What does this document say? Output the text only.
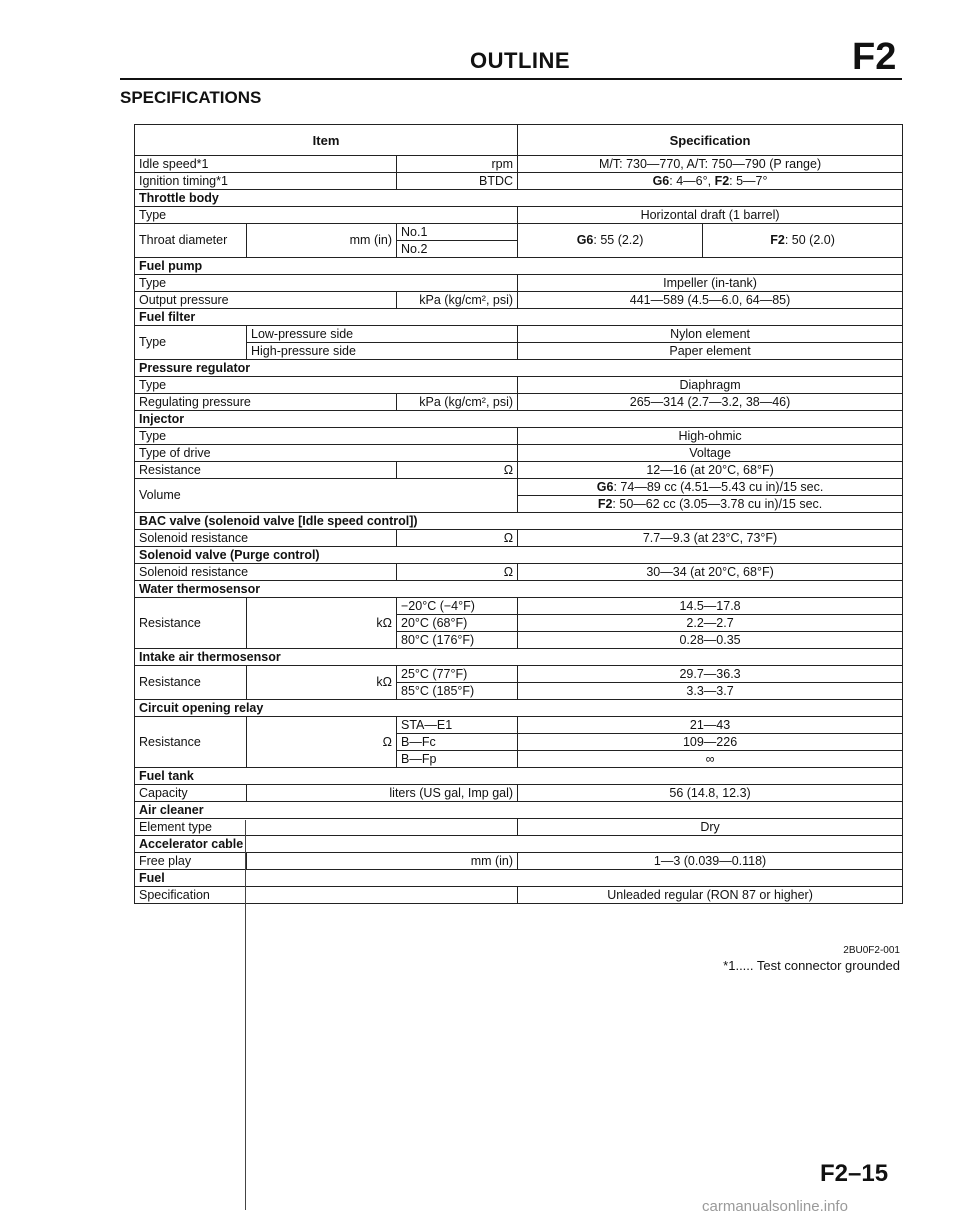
OUTLINE	F2
SPECIFICATIONS
Item			Specification	
Idle speed*1		rpm	M/T: 730—770, A/T: 750—790 (P range)	
Ignition timing*1		BTDC	G6: 4—6°, F2: 5—7°	
Throttle body				
Type			Horizontal draft (1 barrel)	
Throat diameter	mm (in)	No.1	G6: 55 (2.2)	F2: 50 (2.0)
		No.2		
Fuel pump				
Type			Impeller (in-tank)	
Output pressure		kPa (kg/cm², psi)	441—589 (4.5—6.0, 64—85)	
Fuel filter				
Type	Low-pressure side		Nylon element	
	High-pressure side		Paper element	
Pressure regulator				
Type			Diaphragm	
Regulating pressure		kPa (kg/cm², psi)	265—314 (2.7—3.2, 38—46)	
Injector				
Type			High-ohmic	
Type of drive			Voltage	
Resistance		Ω	12—16 (at 20°C, 68°F)	
Volume			G6: 74—89 cc (4.51—5.43 cu in)/15 sec.	
			F2: 50—62 cc (3.05—3.78 cu in)/15 sec.	
BAC valve (solenoid valve [Idle speed control])				
Solenoid resistance		Ω	7.7—9.3 (at 23°C, 73°F)	
Solenoid valve (Purge control)				
Solenoid resistance		Ω	30—34 (at 20°C, 68°F)	
Water thermosensor				
Resistance	kΩ	−20°C (−4°F)	14.5—17.8	
		20°C (68°F)	2.2—2.7	
		80°C (176°F)	0.28—0.35	
Intake air thermosensor				
Resistance	kΩ	25°C (77°F)	29.7—36.3	
		85°C (185°F)	3.3—3.7	
Circuit opening relay				
Resistance	Ω	STA—E1	21—43	
		B—Fc	109—226	
		B—Fp	∞	
Fuel tank				
Capacity	liters (US gal, Imp gal)		56 (14.8, 12.3)	
Air cleaner				
Element type			Dry	
Accelerator cable				
Free play	mm (in)		1—3 (0.039—0.118)	
Fuel				
Specification			Unleaded regular (RON 87 or higher)	
2BU0F2-001
*1..... Test connector grounded
F2–15
carmanualsonline.info
